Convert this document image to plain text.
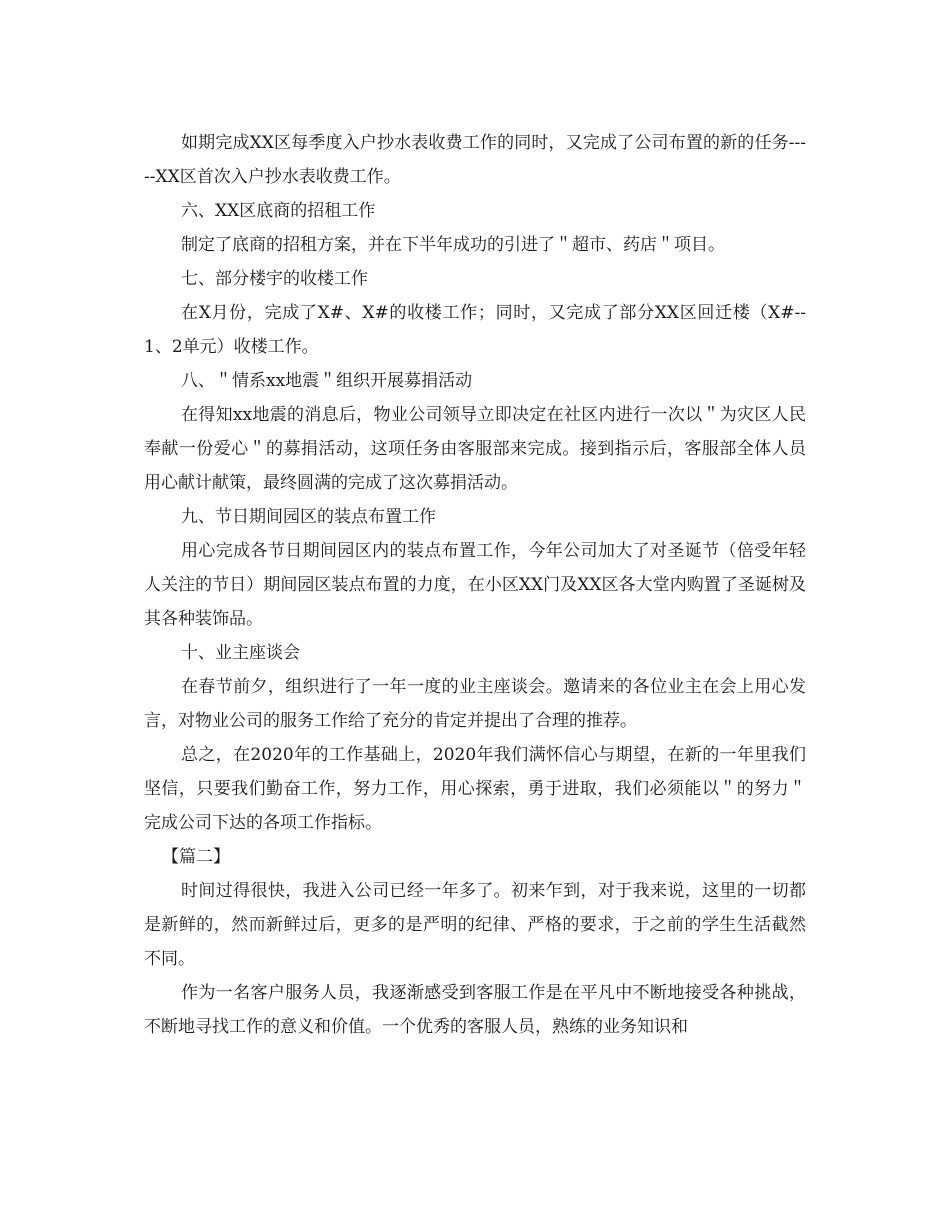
如期完成XX区每季度入户抄水表收费工作的同时，又完成了公司布置的新的任务-----XX区首次入户抄水表收费工作。

六、XX区底商的招租工作

制定了底商的招租方案，并在下半年成功的引进了＂超市、药店＂项目。

七、部分楼宇的收楼工作

在X月份，完成了X#、X#的收楼工作；同时，又完成了部分XX区回迁楼（X#--1、2单元）收楼工作。

八、＂情系xx地震＂组织开展募捐活动

在得知xx地震的消息后，物业公司领导立即决定在社区内进行一次以＂为灾区人民奉献一份爱心＂的募捐活动，这项任务由客服部来完成。接到指示后，客服部全体人员用心献计献策，最终圆满的完成了这次募捐活动。

九、节日期间园区的装点布置工作

用心完成各节日期间园区内的装点布置工作，今年公司加大了对圣诞节（倍受年轻人关注的节日）期间园区装点布置的力度，在小区XX门及XX区各大堂内购置了圣诞树及其各种装饰品。

十、业主座谈会

在春节前夕，组织进行了一年一度的业主座谈会。邀请来的各位业主在会上用心发言，对物业公司的服务工作给了充分的肯定并提出了合理的推荐。

总之，在2020年的工作基础上，2020年我们满怀信心与期望，在新的一年里我们坚信，只要我们勤奋工作，努力工作，用心探索，勇于进取，我们必须能以＂的努力＂完成公司下达的各项工作指标。

【篇二】

时间过得很快，我进入公司已经一年多了。初来乍到，对于我来说，这里的一切都是新鲜的，然而新鲜过后，更多的是严明的纪律、严格的要求，于之前的学生生活截然不同。

作为一名客户服务人员，我逐渐感受到客服工作是在平凡中不断地接受各种挑战，不断地寻找工作的意义和价值。一个优秀的客服人员，熟练的业务知识和
